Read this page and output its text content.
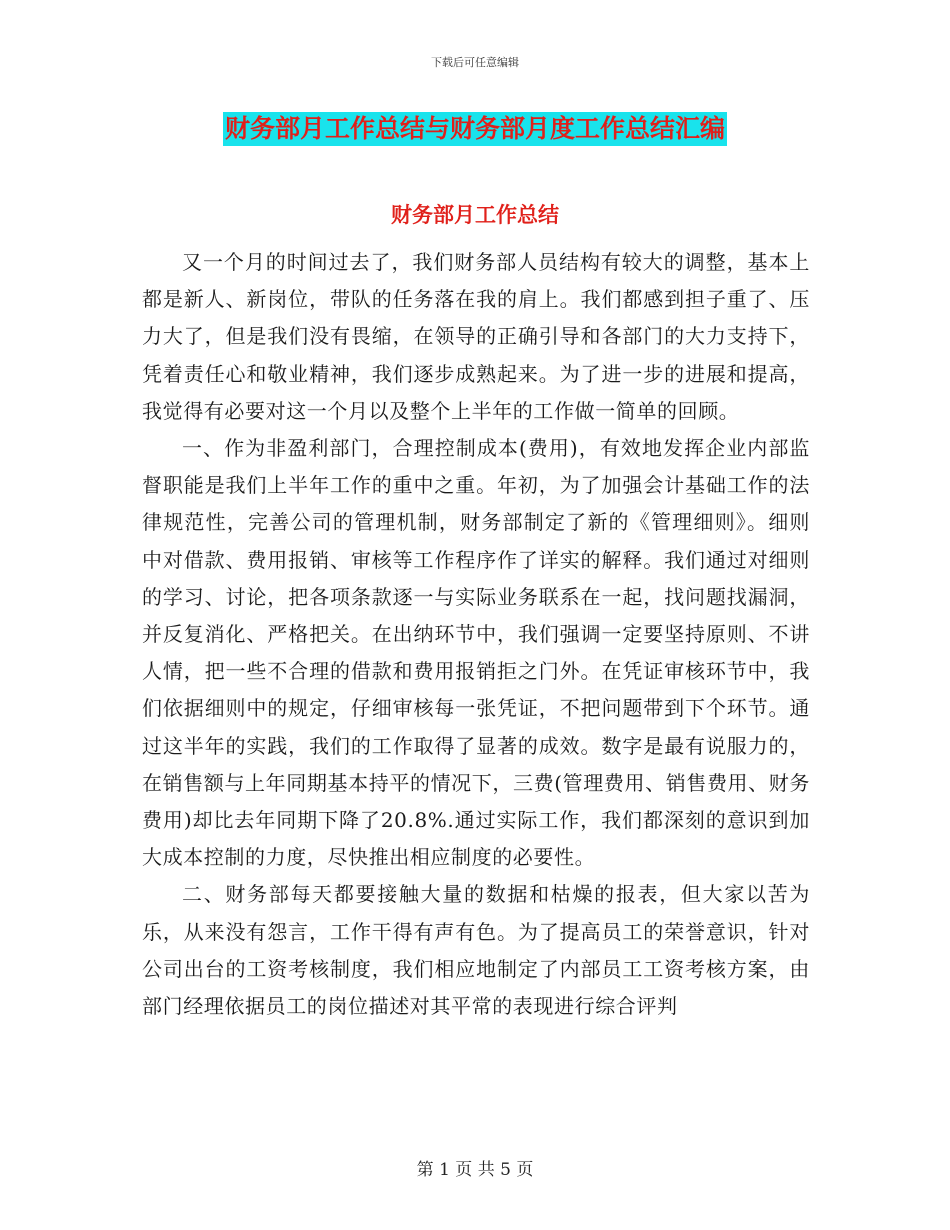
下载后可任意编辑
财务部月工作总结与财务部月度工作总结汇编
财务部月工作总结

又一个月的时间过去了，我们财务部人员结构有较大的调整，基本上都是新人、新岗位，带队的任务落在我的肩上。我们都感到担子重了、压力大了，但是我们没有畏缩，在领导的正确引导和各部门的大力支持下，凭着责任心和敬业精神，我们逐步成熟起来。为了进一步的进展和提高，我觉得有必要对这一个月以及整个上半年的工作做一简单的回顾。

一、作为非盈利部门，合理控制成本(费用)，有效地发挥企业内部监督职能是我们上半年工作的重中之重。年初，为了加强会计基础工作的法律规范性，完善公司的管理机制，财务部制定了新的《管理细则》。细则中对借款、费用报销、审核等工作程序作了详实的解释。我们通过对细则的学习、讨论，把各项条款逐一与实际业务联系在一起，找问题找漏洞，并反复消化、严格把关。在出纳环节中，我们强调一定要坚持原则、不讲人情，把一些不合理的借款和费用报销拒之门外。在凭证审核环节中，我们依据细则中的规定，仔细审核每一张凭证，不把问题带到下个环节。通过这半年的实践，我们的工作取得了显著的成效。数字是最有说服力的，在销售额与上年同期基本持平的情况下，三费(管理费用、销售费用、财务费用)却比去年同期下降了20.8%.通过实际工作，我们都深刻的意识到加大成本控制的力度，尽快推出相应制度的必要性。

二、财务部每天都要接触大量的数据和枯燥的报表，但大家以苦为乐，从来没有怨言，工作干得有声有色。为了提高员工的荣誉意识，针对公司出台的工资考核制度，我们相应地制定了内部员工工资考核方案，由部门经理依据员工的岗位描述对其平常的表现进行综合评判

第 1 页 共 5 页
